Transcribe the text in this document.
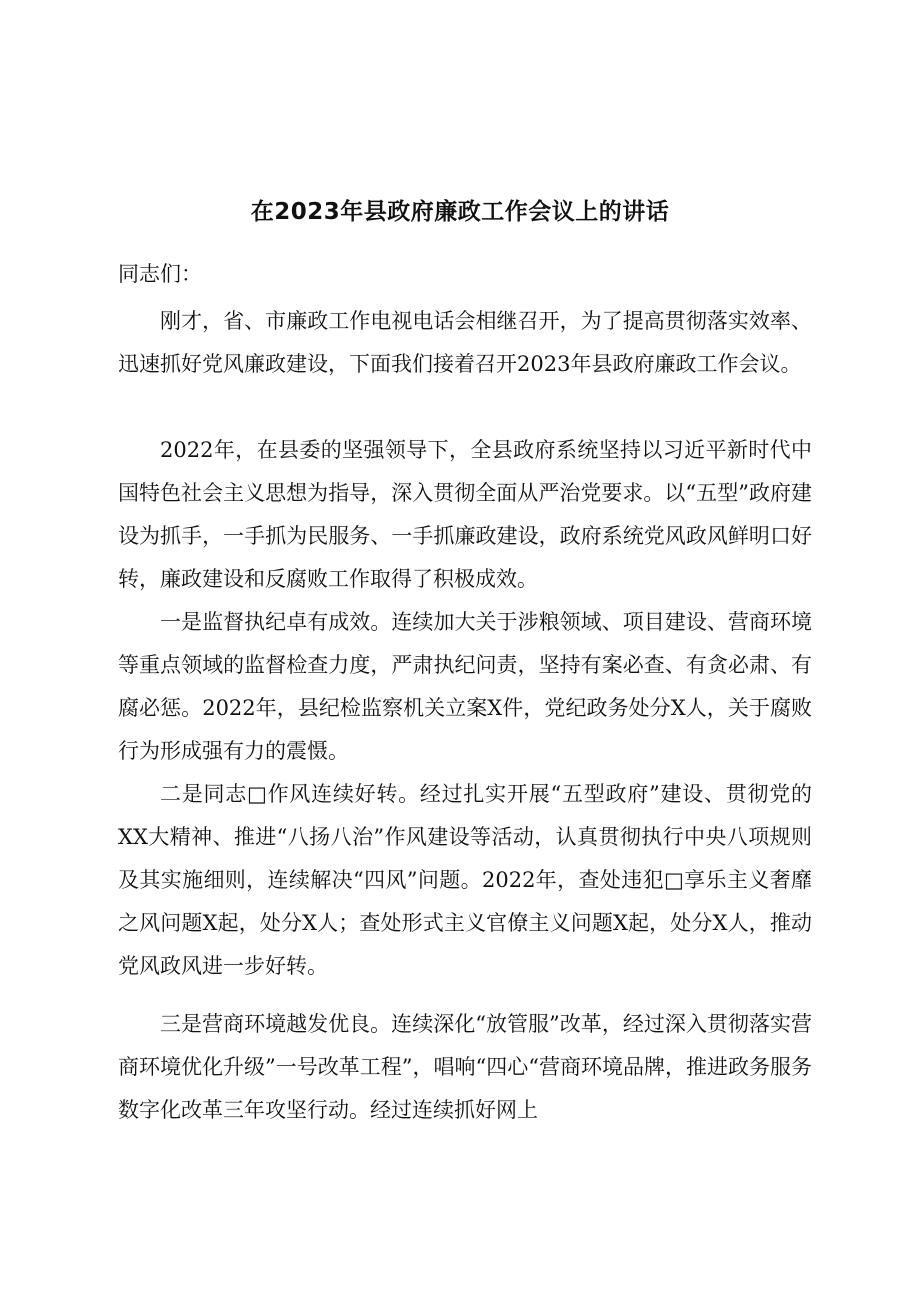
在2023年县政府廉政工作会议上的讲话
同志们：

刚才，省、市廉政工作电视电话会相继召开，为了提高贯彻落实效率、迅速抓好党风廉政建设，下面我们接着召开2023年县政府廉政工作会议。

2022年，在县委的坚强领导下，全县政府系统坚持以习近平新时代中国特色社会主义思想为指导，深入贯彻全面从严治党要求。以“五型”政府建设为抓手，一手抓为民服务、一手抓廉政建设，政府系统党风政风鲜明口好转，廉政建设和反腐败工作取得了积极成效。

一是监督执纪卓有成效。连续加大关于涉粮领域、项目建设、营商环境等重点领域的监督检查力度，严肃执纪问责，坚持有案必查、有贪必肃、有腐必惩。2022年，县纪检监察机关立案X件，党纪政务处分X人，关于腐败行为形成强有力的震慑。

二是同志□作风连续好转。经过扎实开展“五型政府”建设、贯彻党的XX大精神、推进“八扬八治”作风建设等活动，认真贯彻执行中央八项规则及其实施细则，连续解决“四风”问题。2022年，查处违犯□享乐主义奢靡之风问题X起，处分X人；查处形式主义官僚主义问题X起，处分X人，推动党风政风进一步好转。

三是营商环境越发优良。连续深化“放管服”改革，经过深入贯彻落实营商环境优化升级”一号改革工程”，唱响“四心“营商环境品牌，推进政务服务数字化改革三年攻坚行动。经过连续抓好网上
